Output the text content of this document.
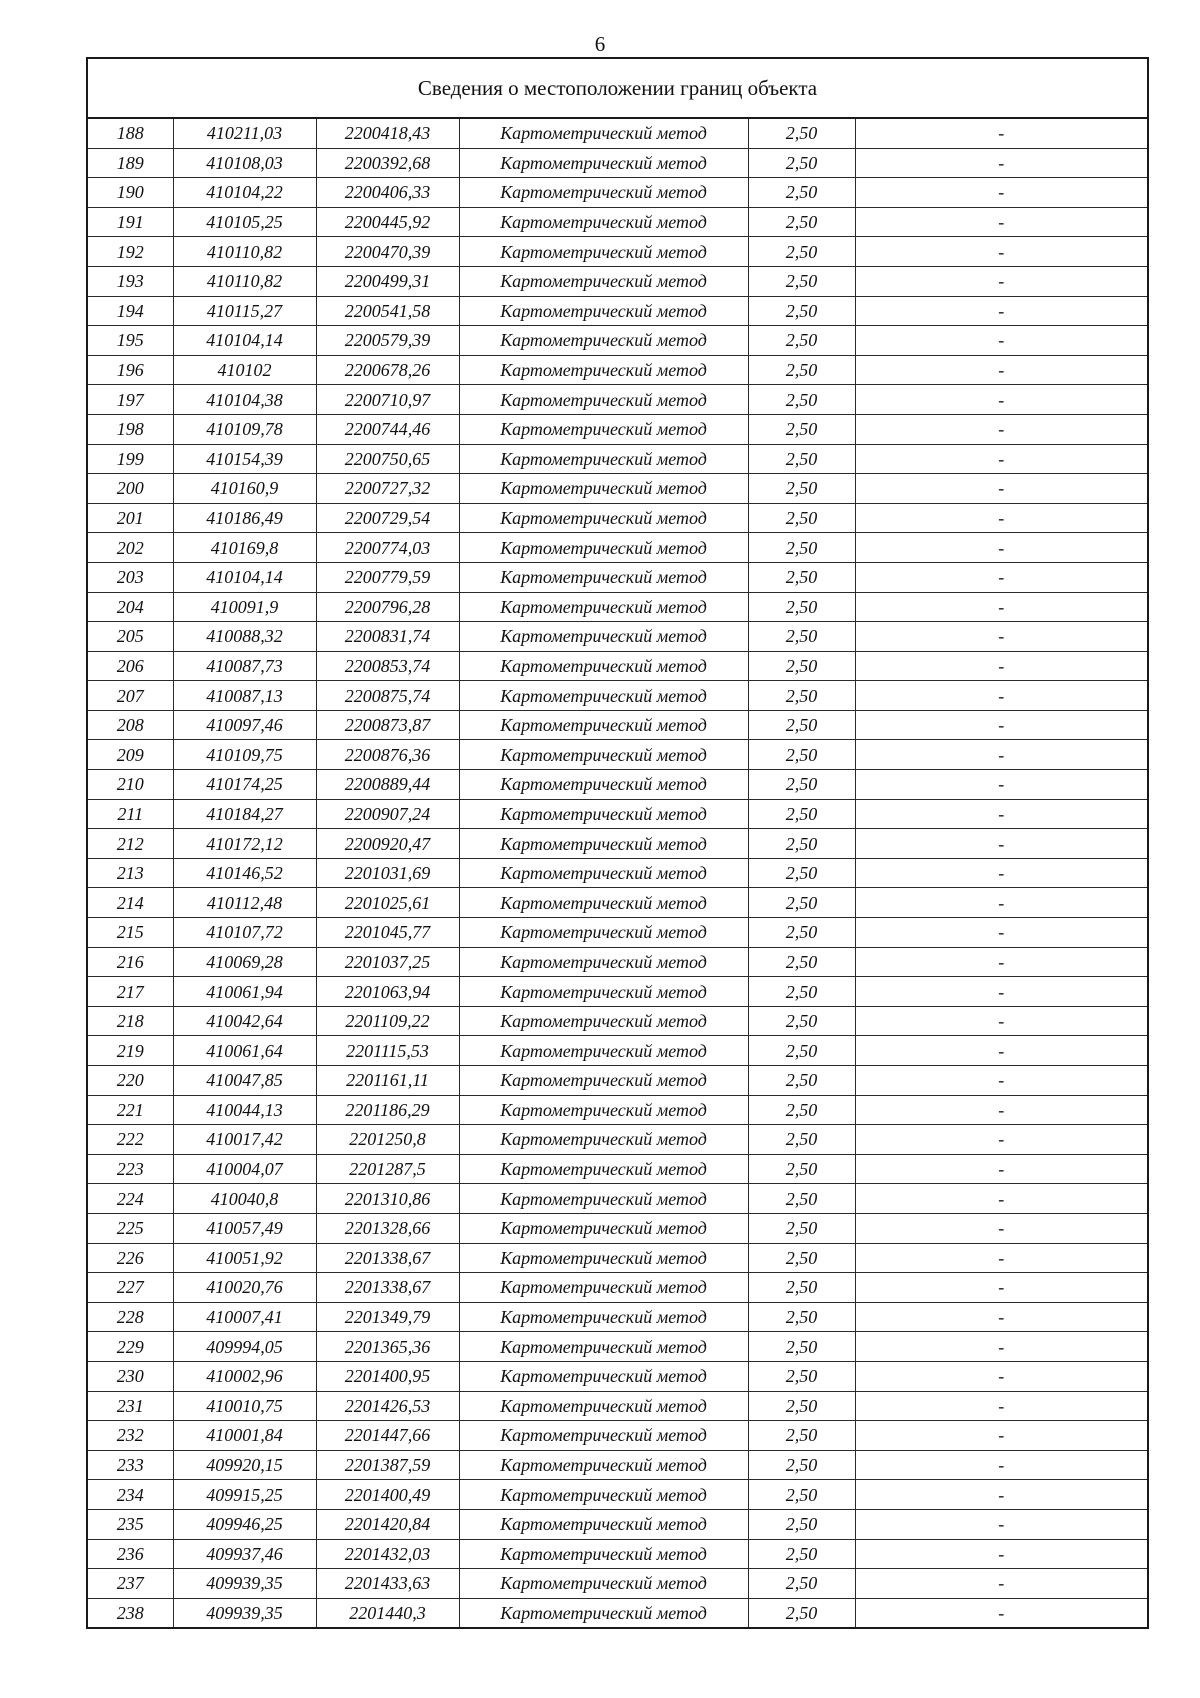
6
Сведения о местоположении границ объекта
188	410211,03	2200418,43	Картометрический метод	2,50	-
189	410108,03	2200392,68	Картометрический метод	2,50	-
190	410104,22	2200406,33	Картометрический метод	2,50	-
191	410105,25	2200445,92	Картометрический метод	2,50	-
192	410110,82	2200470,39	Картометрический метод	2,50	-
193	410110,82	2200499,31	Картометрический метод	2,50	-
194	410115,27	2200541,58	Картометрический метод	2,50	-
195	410104,14	2200579,39	Картометрический метод	2,50	-
196	410102	2200678,26	Картометрический метод	2,50	-
197	410104,38	2200710,97	Картометрический метод	2,50	-
198	410109,78	2200744,46	Картометрический метод	2,50	-
199	410154,39	2200750,65	Картометрический метод	2,50	-
200	410160,9	2200727,32	Картометрический метод	2,50	-
201	410186,49	2200729,54	Картометрический метод	2,50	-
202	410169,8	2200774,03	Картометрический метод	2,50	-
203	410104,14	2200779,59	Картометрический метод	2,50	-
204	410091,9	2200796,28	Картометрический метод	2,50	-
205	410088,32	2200831,74	Картометрический метод	2,50	-
206	410087,73	2200853,74	Картометрический метод	2,50	-
207	410087,13	2200875,74	Картометрический метод	2,50	-
208	410097,46	2200873,87	Картометрический метод	2,50	-
209	410109,75	2200876,36	Картометрический метод	2,50	-
210	410174,25	2200889,44	Картометрический метод	2,50	-
211	410184,27	2200907,24	Картометрический метод	2,50	-
212	410172,12	2200920,47	Картометрический метод	2,50	-
213	410146,52	2201031,69	Картометрический метод	2,50	-
214	410112,48	2201025,61	Картометрический метод	2,50	-
215	410107,72	2201045,77	Картометрический метод	2,50	-
216	410069,28	2201037,25	Картометрический метод	2,50	-
217	410061,94	2201063,94	Картометрический метод	2,50	-
218	410042,64	2201109,22	Картометрический метод	2,50	-
219	410061,64	2201115,53	Картометрический метод	2,50	-
220	410047,85	2201161,11	Картометрический метод	2,50	-
221	410044,13	2201186,29	Картометрический метод	2,50	-
222	410017,42	2201250,8	Картометрический метод	2,50	-
223	410004,07	2201287,5	Картометрический метод	2,50	-
224	410040,8	2201310,86	Картометрический метод	2,50	-
225	410057,49	2201328,66	Картометрический метод	2,50	-
226	410051,92	2201338,67	Картометрический метод	2,50	-
227	410020,76	2201338,67	Картометрический метод	2,50	-
228	410007,41	2201349,79	Картометрический метод	2,50	-
229	409994,05	2201365,36	Картометрический метод	2,50	-
230	410002,96	2201400,95	Картометрический метод	2,50	-
231	410010,75	2201426,53	Картометрический метод	2,50	-
232	410001,84	2201447,66	Картометрический метод	2,50	-
233	409920,15	2201387,59	Картометрический метод	2,50	-
234	409915,25	2201400,49	Картометрический метод	2,50	-
235	409946,25	2201420,84	Картометрический метод	2,50	-
236	409937,46	2201432,03	Картометрический метод	2,50	-
237	409939,35	2201433,63	Картометрический метод	2,50	-
238	409939,35	2201440,3	Картометрический метод	2,50	-
